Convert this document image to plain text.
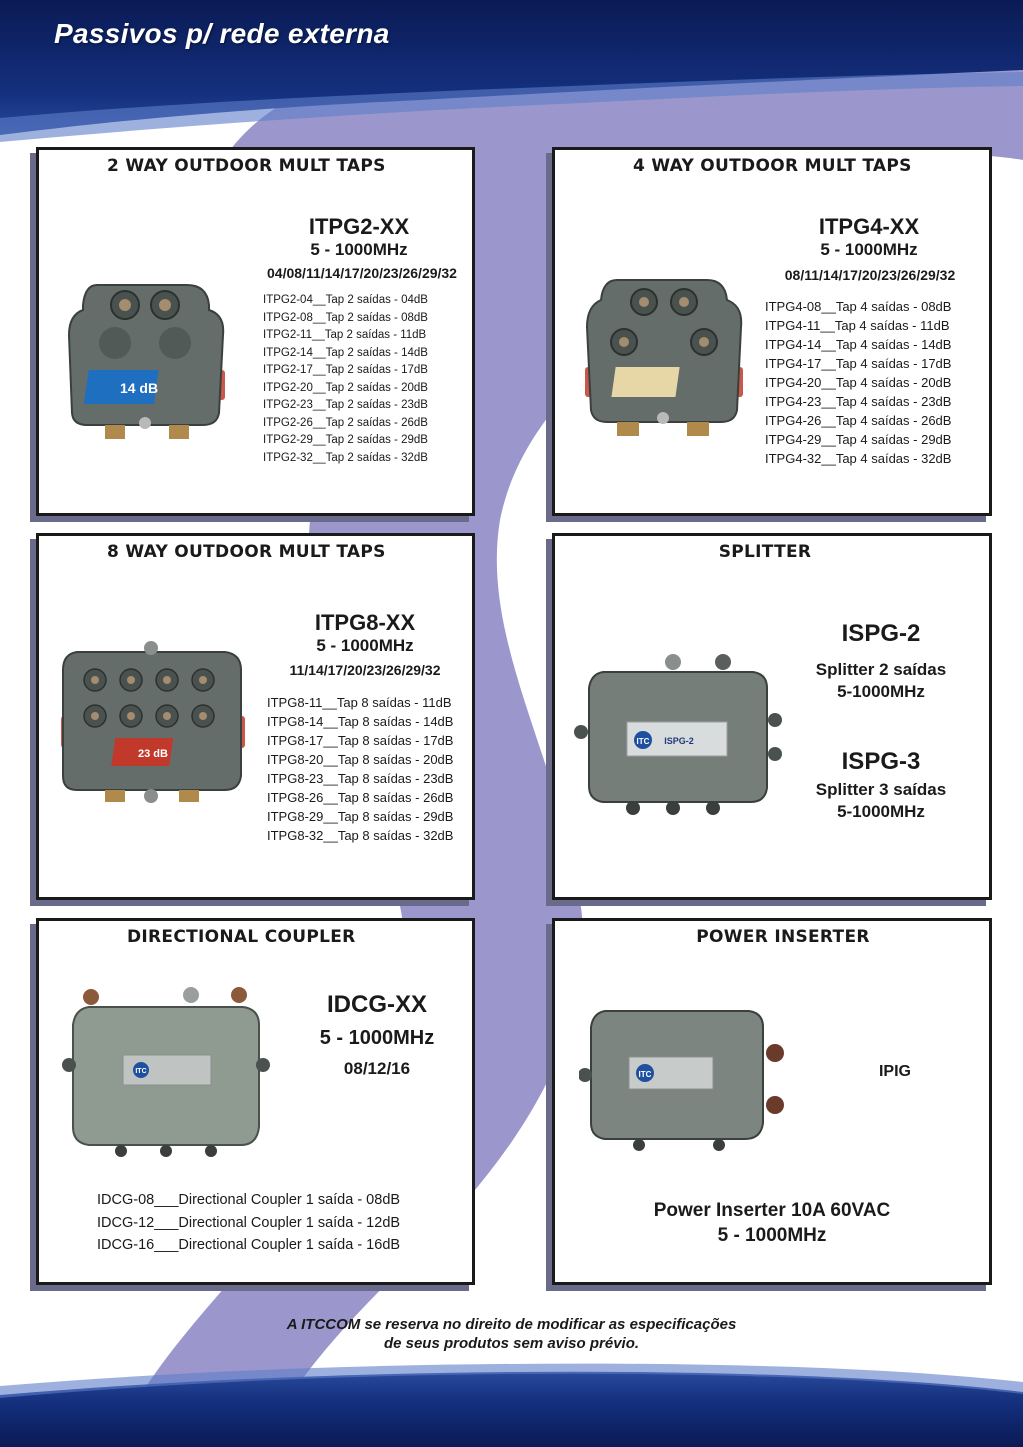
Passivos p/ rede externa
2 WAY OUTDOOR MULT TAPS
ITPG2-XX
5 - 1000MHz
04/08/11/14/17/20/23/26/29/32
14 dB
ITPG2-04__Tap 2 saídas - 04dB
ITPG2-08__Tap 2 saídas - 08dB
ITPG2-11__Tap 2 saídas - 11dB
ITPG2-14__Tap 2 saídas - 14dB
ITPG2-17__Tap 2 saídas - 17dB
ITPG2-20__Tap 2 saídas - 20dB
ITPG2-23__Tap 2 saídas - 23dB
ITPG2-26__Tap 2 saídas - 26dB
ITPG2-29__Tap 2 saídas - 29dB
ITPG2-32__Tap 2 saídas - 32dB
4 WAY OUTDOOR MULT TAPS
ITPG4-XX
5 - 1000MHz
08/11/14/17/20/23/26/29/32
ITPG4-08__Tap 4 saídas - 08dB
ITPG4-11__Tap 4 saídas - 11dB
ITPG4-14__Tap 4 saídas - 14dB
ITPG4-17__Tap 4 saídas - 17dB
ITPG4-20__Tap 4 saídas - 20dB
ITPG4-23__Tap 4 saídas - 23dB
ITPG4-26__Tap 4 saídas - 26dB
ITPG4-29__Tap 4 saídas - 29dB
ITPG4-32__Tap 4 saídas - 32dB
8 WAY OUTDOOR MULT TAPS
ITPG8-XX
5 - 1000MHz
11/14/17/20/23/26/29/32
23 dB
ITPG8-11__Tap 8 saídas - 11dB
ITPG8-14__Tap 8 saídas - 14dB
ITPG8-17__Tap 8 saídas - 17dB
ITPG8-20__Tap 8 saídas - 20dB
ITPG8-23__Tap 8 saídas - 23dB
ITPG8-26__Tap 8 saídas - 26dB
ITPG8-29__Tap 8 saídas - 29dB
ITPG8-32__Tap 8 saídas - 32dB
SPLITTER
ITC ISPG-2
ISPG-2
Splitter 2 saídas
5-1000MHz
ISPG-3
Splitter 3 saídas
5-1000MHz
DIRECTIONAL COUPLER
ITC
IDCG-XX
5 - 1000MHz
08/12/16
IDCG-08___Directional Coupler 1 saída - 08dB
IDCG-12___Directional Coupler 1 saída - 12dB
IDCG-16___Directional Coupler 1 saída - 16dB
POWER INSERTER
ITC	IPIG
Power Inserter 10A 60VAC
5 - 1000MHz
A ITCCOM se reserva no direito de modificar as especificações
de seus produtos sem aviso prévio.
